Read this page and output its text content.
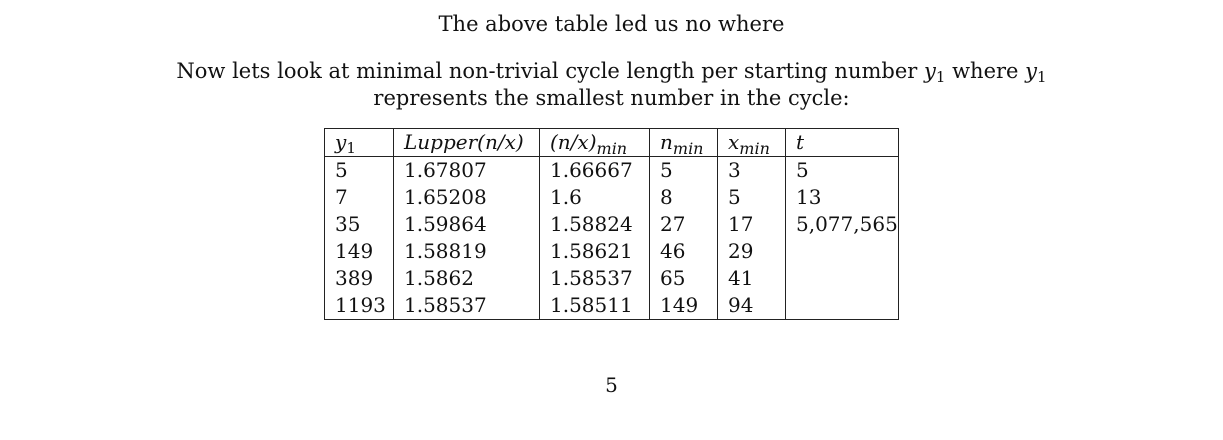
The above table led us no where
Now lets look at minimal non-trivial cycle length per starting number $y_1$ where $y_1$
represents the smallest number in the cycle:
$y_1$	Lupper(n/x)	$(n/x)_{min}$	$n_{min}$	$x_{min}$	t
5	1.67807	1.66667	5	3	5
7	1.65208	1.6	8	5	13
35	1.59864	1.58824	27	17	5,077,565
149	1.58819	1.58621	46	29	
389	1.5862	1.58537	65	41	
1193	1.58537	1.58511	149	94	
5
